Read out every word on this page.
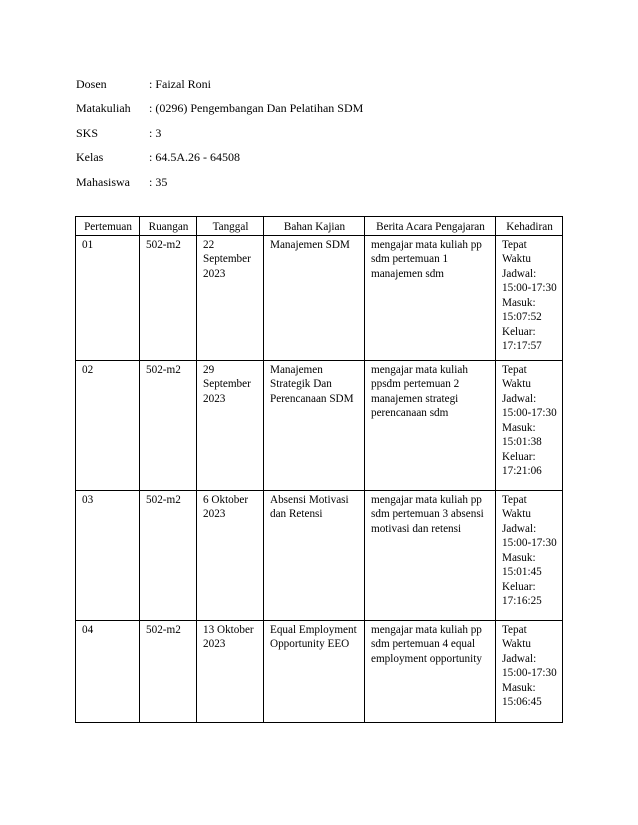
Dosen	: Faizal Roni
Matakuliah	: (0296) Pengembangan Dan Pelatihan SDM
SKS	: 3
Kelas	: 64.5A.26 - 64508
Mahasiswa	: 35
Pertemuan	Ruangan	Tanggal	Bahan Kajian	Berita Acara Pengajaran	Kehadiran
01	502-m2	22 September 2023	Manajemen SDM	mengajar mata kuliah pp sdm pertemuan 1 manajemen sdm	Tepat Waktu Jadwal: 15:00-17:30 Masuk: 15:07:52 Keluar: 17:17:57
02	502-m2	29 September 2023	Manajemen Strategik Dan Perencanaan SDM	mengajar mata kuliah ppsdm pertemuan 2 manajemen strategi perencanaan sdm	Tepat Waktu Jadwal: 15:00-17:30 Masuk: 15:01:38 Keluar: 17:21:06
03	502-m2	6 Oktober 2023	Absensi Motivasi dan Retensi	mengajar mata kuliah pp sdm pertemuan 3 absensi motivasi dan retensi	Tepat Waktu Jadwal: 15:00-17:30 Masuk: 15:01:45 Keluar: 17:16:25
04	502-m2	13 Oktober 2023	Equal Employment Opportunity EEO	mengajar mata kuliah pp sdm pertemuan 4 equal employment opportunity	Tepat Waktu Jadwal: 15:00-17:30 Masuk: 15:06:45
